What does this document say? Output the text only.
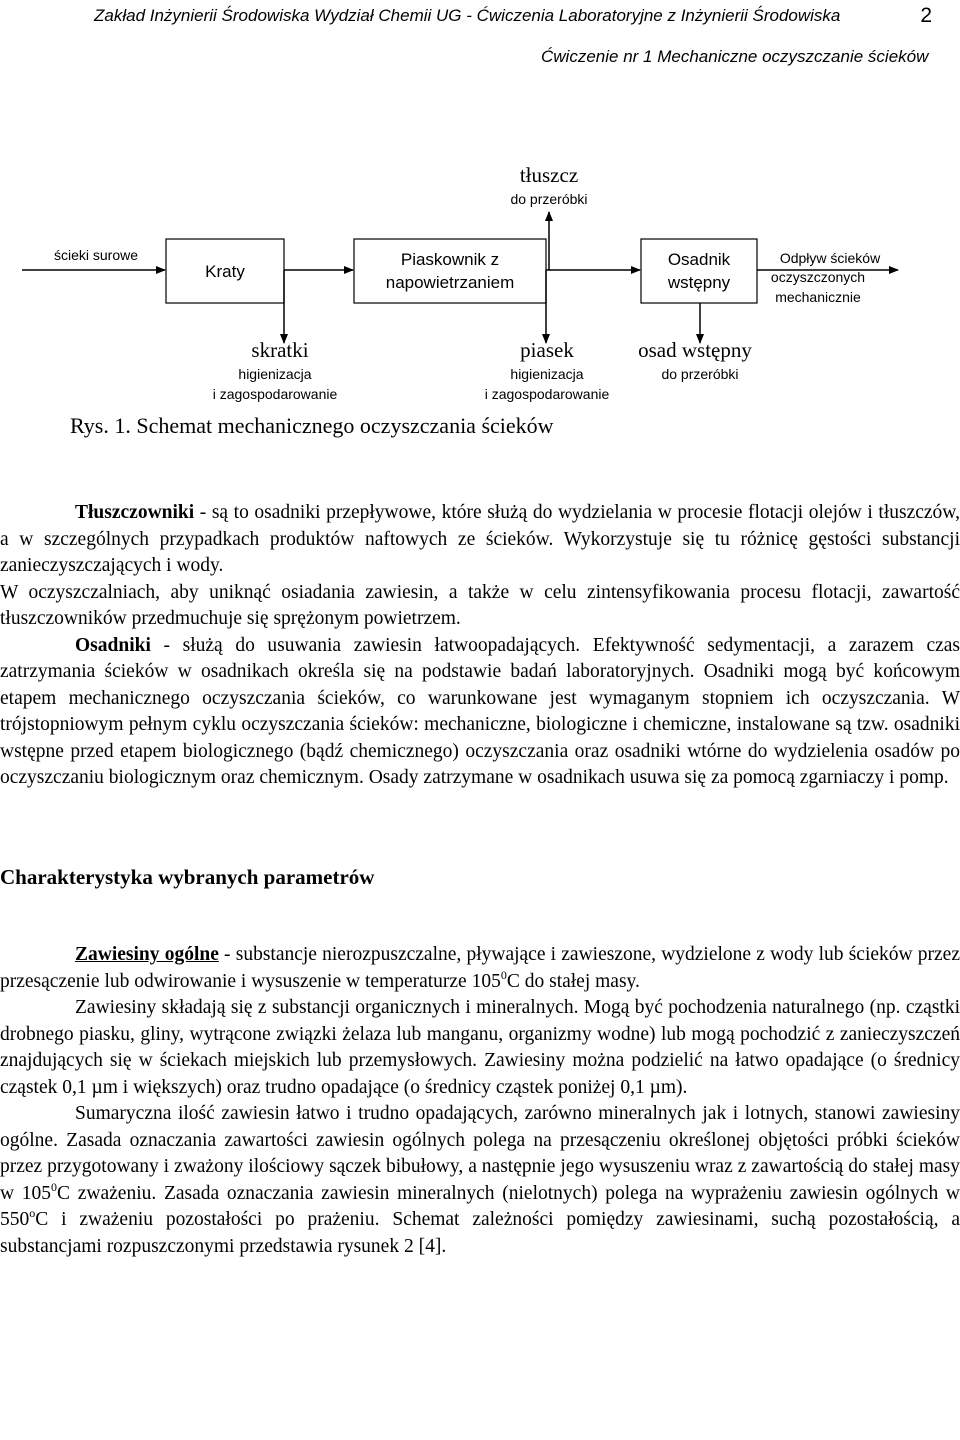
Zakład Inżynierii Środowiska Wydział Chemii UG - Ćwiczenia Laboratoryjne z Inżynierii Środowiska	2
Ćwiczenie nr 1 Mechaniczne oczyszczanie ścieków
tłuszcz
do przeróbki
ścieki surowe
Kraty
Piaskownik z
napowietrzaniem
Osadnik
wstępny
Odpływ ścieków
oczyszczonych
mechanicznie
skratki
higienizacja
i zagospodarowanie
piasek
higienizacja
i zagospodarowanie
osad wstępny
do przeróbki
Rys. 1. Schemat mechanicznego oczyszczania ścieków

Tłuszczowniki - są to osadniki przepływowe, które służą do wydzielania w procesie flotacji olejów i tłuszczów, a w szczególnych przypadkach produktów naftowych ze ścieków. Wykorzystuje się tu różnicę gęstości substancji zanieczyszczających i wody.

W oczyszczalniach, aby uniknąć osiadania zawiesin, a także w celu zintensyfikowania procesu flotacji, zawartość tłuszczowników przedmuchuje się sprężonym powietrzem.

Osadniki - służą do usuwania zawiesin łatwoopadających. Efektywność sedymentacji, a zarazem czas zatrzymania ścieków w osadnikach określa się na podstawie badań laboratoryjnych. Osadniki mogą być końcowym etapem mechanicznego oczyszczania ścieków, co warunkowane jest wymaganym stopniem ich oczyszczania. W trójstopniowym pełnym cyklu oczyszczania ścieków: mechaniczne, biologiczne i chemiczne, instalowane są tzw. osadniki wstępne przed etapem biologicznego (bądź chemicznego) oczyszczania oraz osadniki wtórne do wydzielenia osadów po oczyszczaniu biologicznym oraz chemicznym. Osady zatrzymane w osadnikach usuwa się za pomocą zgarniaczy i pomp.

Charakterystyka wybranych parametrów

Zawiesiny ogólne - substancje nierozpuszczalne, pływające i zawieszone, wydzielone z wody lub ścieków przez przesączenie lub odwirowanie i wysuszenie w temperaturze $105^0C$ do stałej masy.

Zawiesiny składają się z substancji organicznych i mineralnych. Mogą być pochodzenia naturalnego (np. cząstki drobnego piasku, gliny, wytrącone związki żelaza lub manganu, organizmy wodne) lub mogą pochodzić z zanieczyszczeń znajdujących się w ściekach miejskich lub przemysłowych. Zawiesiny można podzielić na łatwo opadające (o średnicy cząstek 0,1 µm i większych) oraz trudno opadające (o średnicy cząstek poniżej 0,1 µm).

Sumaryczna ilość zawiesin łatwo i trudno opadających, zarówno mineralnych jak i lotnych, stanowi zawiesiny ogólne. Zasada oznaczania zawartości zawiesin ogólnych polega na przesączeniu określonej objętości próbki ścieków przez przygotowany i zważony ilościowy sączek bibułowy, a następnie jego wysuszeniu wraz z zawartością do stałej masy w $105^0C$ zważeniu. Zasada oznaczania zawiesin mineralnych (nielotnych) polega na wyprażeniu zawiesin ogólnych w 550$^o$C i zważeniu pozostałości po prażeniu. Schemat zależności pomiędzy zawiesinami, suchą pozostałością, a substancjami rozpuszczonymi przedstawia rysunek 2 [4].
